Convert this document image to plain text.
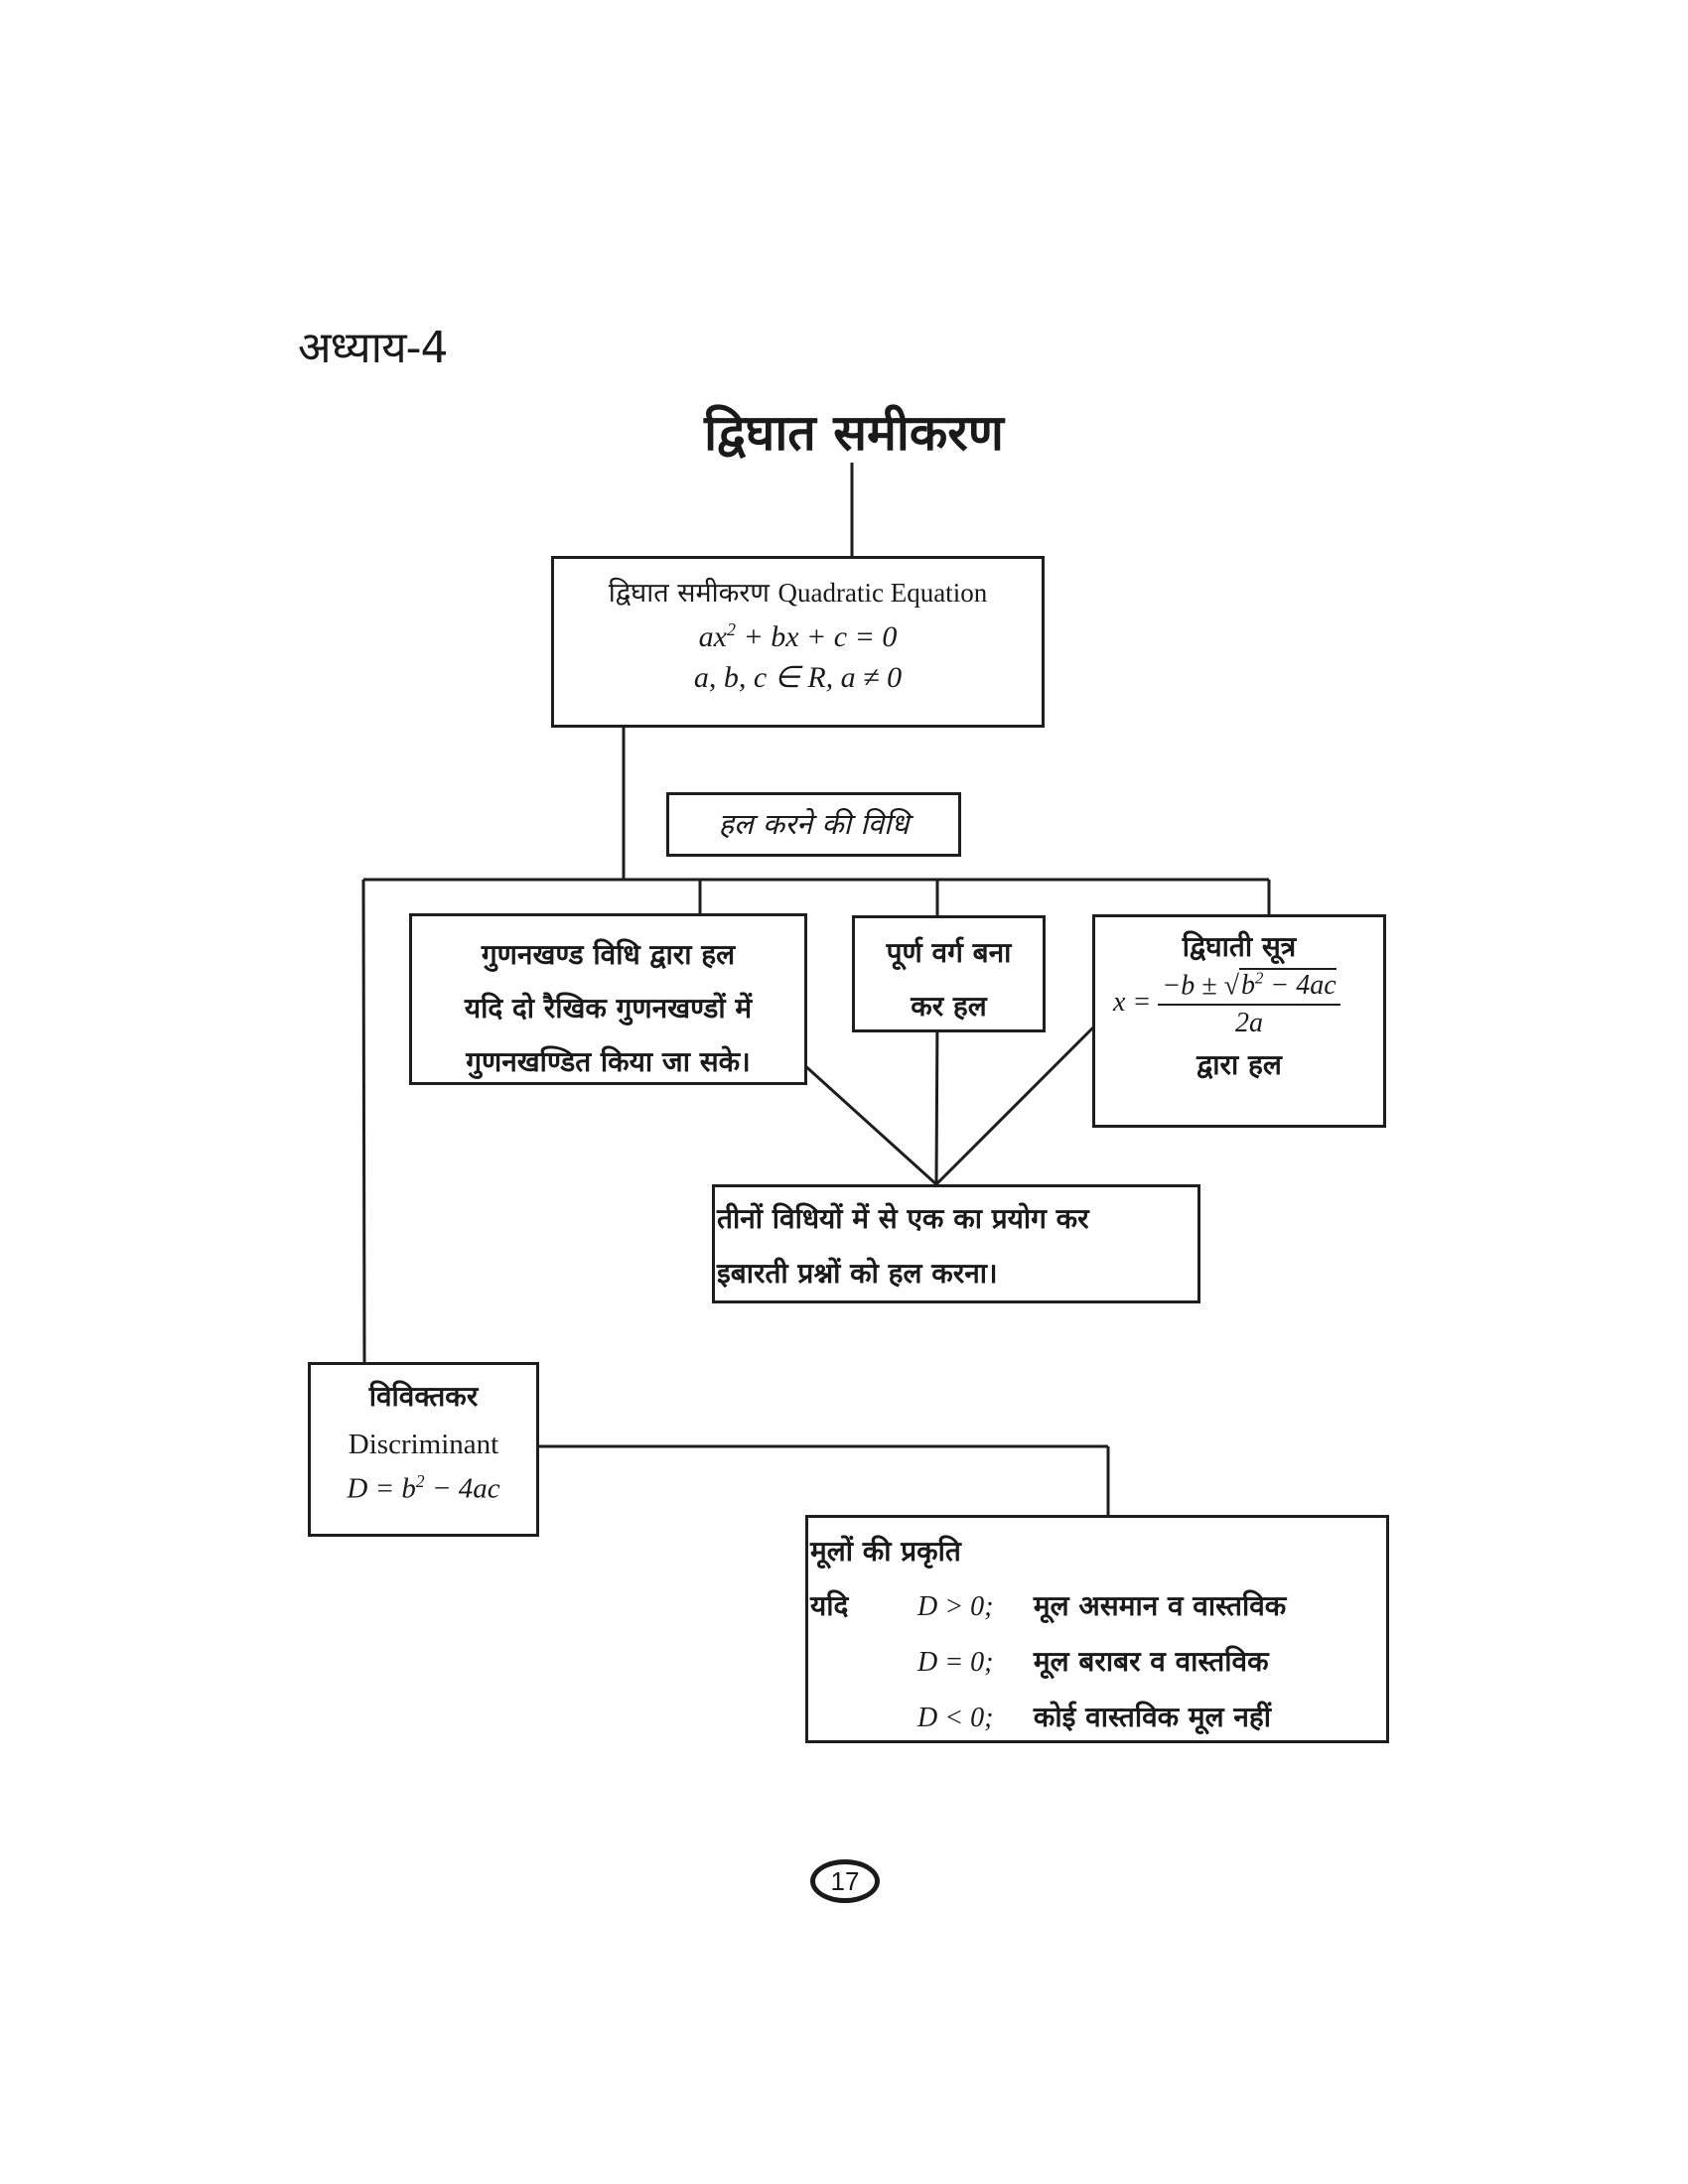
अध्याय-4
द्विघात समीकरण
द्विघात समीकरण Quadratic Equation
$ax^2$ + bx + c = 0
a, b, c ∈ R, a ≠ 0
हल करने की विधि
गुणनखण्ड विधि द्वारा हल
यदि दो रैखिक गुणनखण्डों में
गुणनखण्डित किया जा सके।
पूर्ण वर्ग बना
कर हल
द्विघाती सूत्र
$x = \frac{-b \pm √b^2 - 4ac}{2a}$
द्वारा हल
तीनों विधियों में से एक का प्रयोग कर
इबारती प्रश्नों को हल करना।
विविक्तकर
Discriminant
$D = b^2 - 4ac$
मूलों की प्रकृति
यदि D > 0; मूल असमान व वास्तविक
D = 0; मूल बराबर व वास्तविक
D < 0; कोई वास्तविक मूल नहीं
17
